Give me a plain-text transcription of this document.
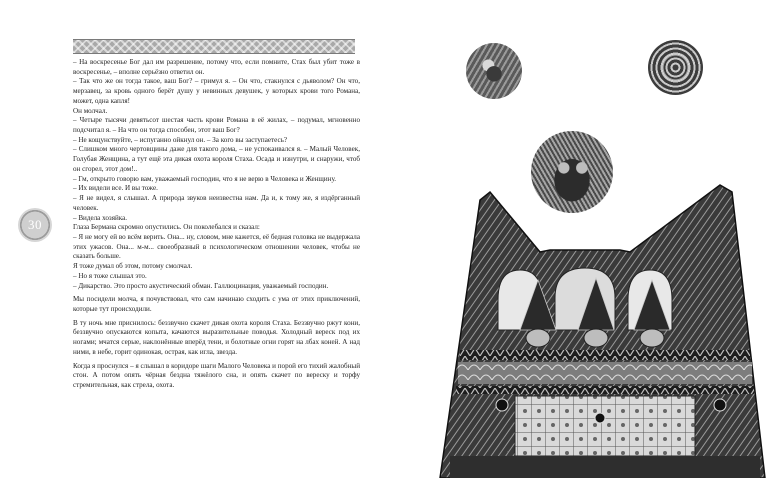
30

– На воскресенье Бог дал им разрешение, потому что, если помните, Стах был убит тоже в воскресенье, – вполне серьёзно ответил он.

– Так что же он тогда такое, ваш Бог? – гримул я. – Он что, стакнулся с дьяволом? Он что, мерзавец, за кровь одного берёт душу у невинных девушек, у которых крови того Романа, может, одна капля!

Он молчал.

– Четыре тысячи девятьсот шестая часть крови Романа в её жилах, – подумал, мгновенно подсчитал я. – На что он тогда способен, этот ваш Бог?

– Не кощунствуйте, – испуганно ойкнул он. – За кого вы заступаетесь?

– Слишком много чертовщины даже для такого дома, – не успокаивался я. – Малый Человек, Голубая Женщина, а тут ещё эта дикая охота короля Стаха. Осада и изнутри, и снаружи, чтоб он сгорел, этот дом!..

– Гм, открыто говорю вам, уважаемый господин, что я не верю в Человека и Женщину.

– Их видели все. И вы тоже.

– Я не видел, я слышал. А природа звуков неизвестна нам. Да и, к тому же, я издёрганный человек.

– Видела хозяйка.

Глаза Бермана скромно опустились. Он поколебался и сказал:

– Я не могу ей во всём верить. Она... ну, словом, мне кажется, её бедная головка не выдержала этих ужасов. Она... м-м... своеобразный в психологическом отношении человек, чтобы не сказать больше.

Я тоже думал об этом, потому смолчал.

– Но я тоже слышал это.

– Дикарство. Это просто акустический обман. Галлюцинация, уважаемый господин.

Мы посидели молча, я почувствовал, что сам начинаю сходить с ума от этих приключений, которые тут происходили.

В ту ночь мне приснилось: беззвучно скачет дикая охота короля Стаха. Беззвучно ржут кони, беззвучно опускаются копыта, качаются выразительные поводья. Холодный вереск под их ногами; мчатся серые, наклонённые вперёд тени, и болотные огни горят на лбах коней. А над ними, в небе, горит одинокая, острая, как игла, звезда.

Когда я проснулся – я слышал в коридоре шаги Малого Человека и порой его тихий жалобный стон. А потом опять чёрная бездна тяжёлого сна, и опять скачет по вереску и торфу стремительная, как стрела, охота.
